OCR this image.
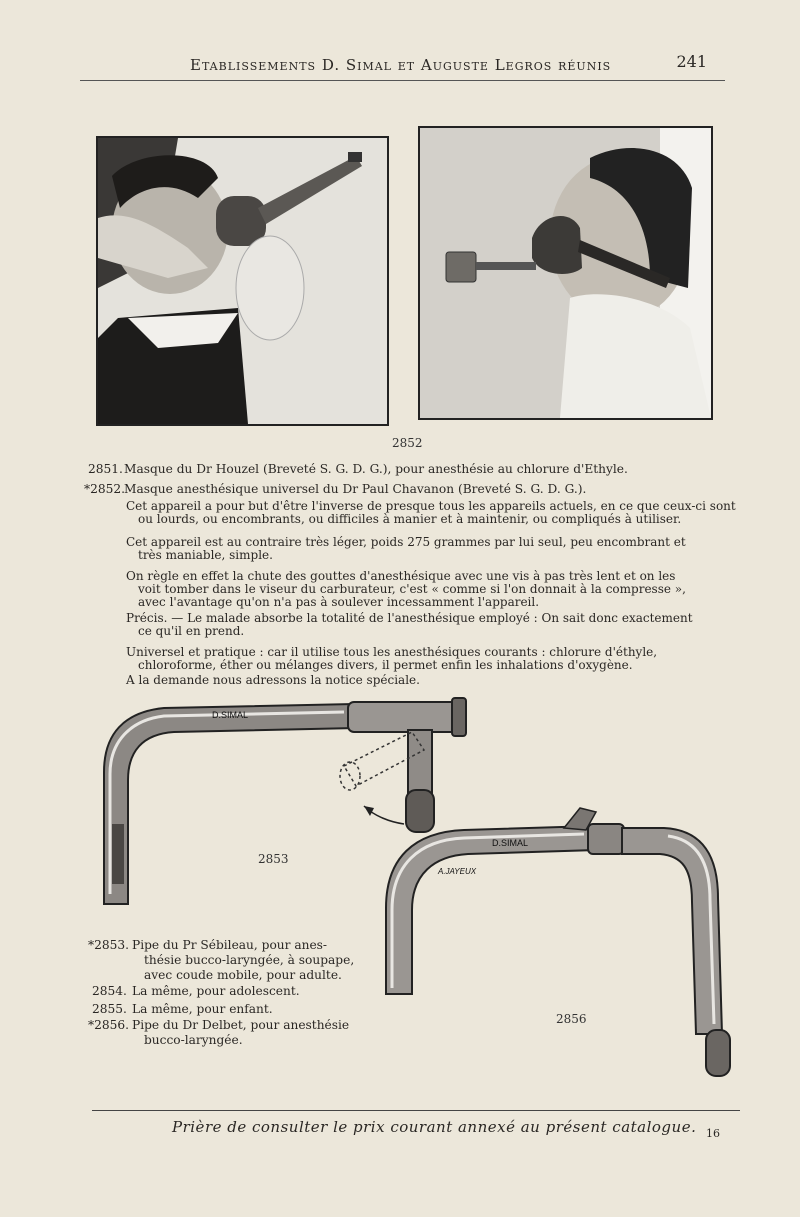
Etablissements D. Simal et Auguste Legros réunis	241
2852
2851.Masque du Dr Houzel (Breveté S. G. D. G.), pour anesthésie au chlorure d'Ethyle.
*2852.Masque anesthésique universel du Dr Paul Chavanon (Breveté S. G. D. G.).
Cet appareil a pour but d'être l'inverse de presque tous les appareils actuels, en ce que ceux-ci sont
ou lourds, ou encombrants, ou difficiles à manier et à maintenir, ou compliqués à utiliser.
Cet appareil est au contraire très léger, poids 275 grammes par lui seul, peu encombrant et
très maniable, simple.
On règle en effet la chute des gouttes d'anesthésique avec une vis à pas très lent et on les
voit tomber dans le viseur du carburateur, c'est « comme si l'on donnait à la compresse »,
avec l'avantage qu'on n'a pas à soulever incessamment l'appareil.
Précis. — Le malade absorbe la totalité de l'anesthésique employé : On sait donc exactement
ce qu'il en prend.
Universel et pratique : car il utilise tous les anesthésiques courants : chlorure d'éthyle,
chloroforme, éther ou mélanges divers, il permet enfin les inhalations d'oxygène.
A la demande nous adressons la notice spéciale.
D.SIMAL
2853
D.SIMAL
A.JAYEUX
2856
*2853. Pipe du Pr Sébileau, pour anes-
thésie bucco-laryngée, à soupape,
avec coude mobile, pour adulte.
2854. La même, pour adolescent.
2855. La même, pour enfant.
*2856. Pipe du Dr Delbet, pour anesthésie
bucco-laryngée.
Prière de consulter le prix courant annexé au présent catalogue. 16
